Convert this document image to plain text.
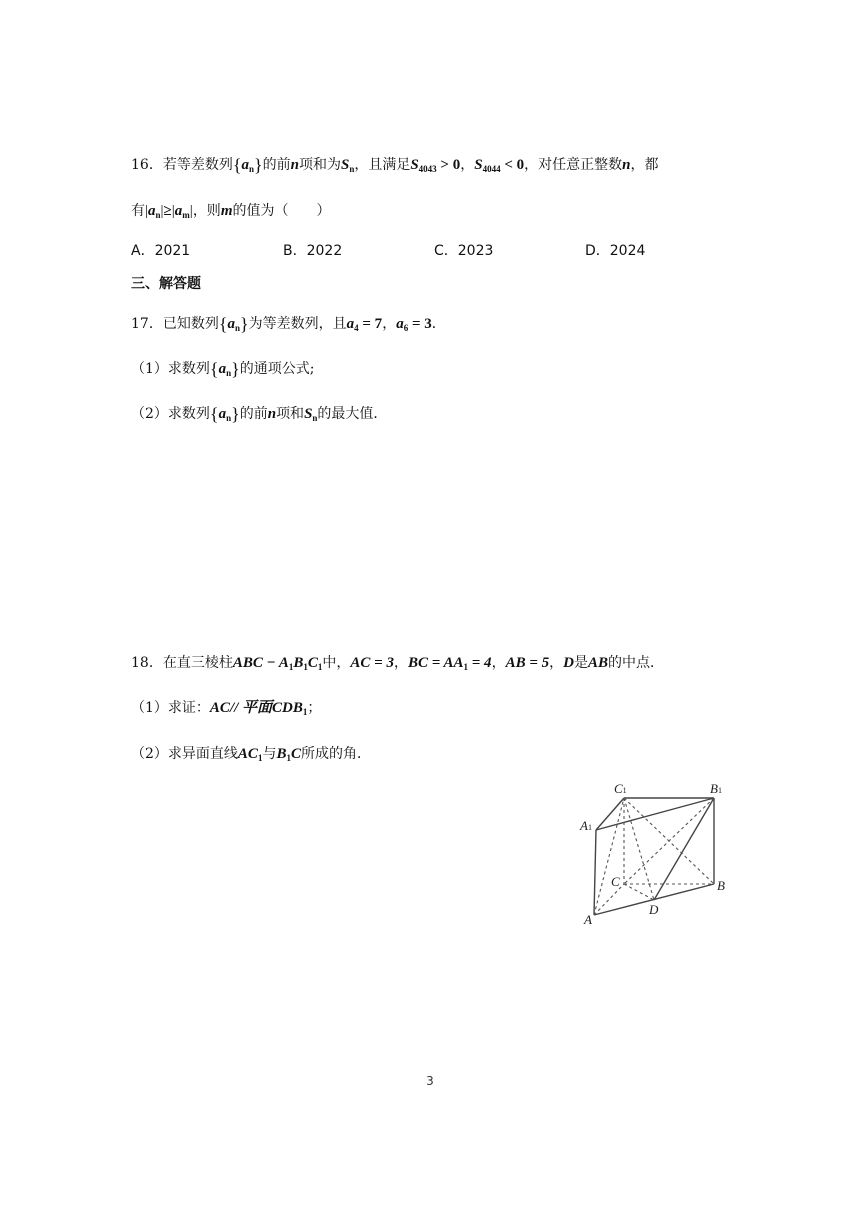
16．若等差数列$\{a_n\}$的前n项和为$S_n$，且满足$S_{4043} > 0$，$S_{4044} < 0$，对任意正整数n，都
有$|a_n|\ge|a_m|$，则m的值为（　　）
A．2021	B．2022	C．2023	D．2024
三、解答题
17．已知数列$\{a_n\}$为等差数列，且$a_4 = 7$，$a_6 = 3$．
（1）求数列$\{a_n\}$的通项公式;
（2）求数列$\{a_n\}$的前n项和$S_n$的最大值．
18．在直三棱柱ABC − $A_1B_1C_1$中，AC = 3，BC = $AA_1 = 4$，AB = 5，D是AB的中点．
（1）求证：AC// 平面$CDB_1$；
（2）求异面直线$AC_1$与$B_1C$所成的角．
C1	B1
A1
C	B
A
D
3
